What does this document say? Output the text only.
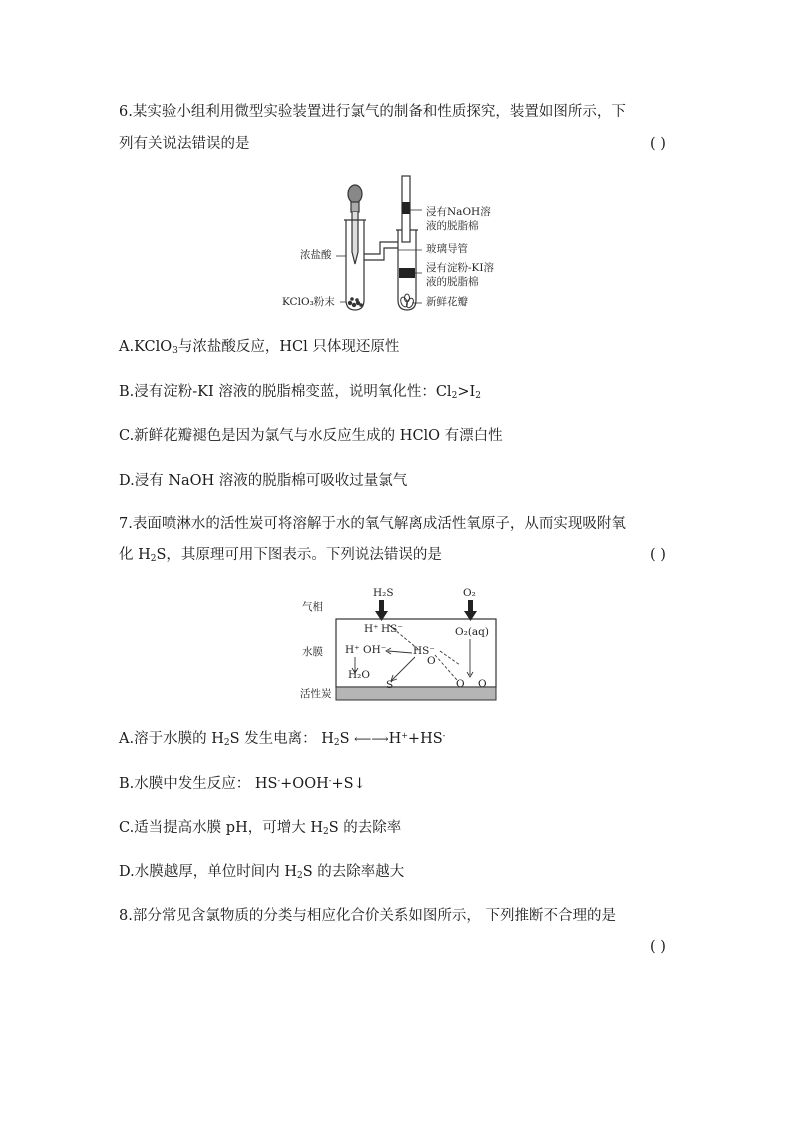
6.某实验小组利用微型实验装置进行氯气的制备和性质探究，装置如图所示，下
列有关说法错误的是	( )
浸有NaOH溶
液的脱脂棉
浓盐酸	玻璃导管
浸有淀粉-KI溶
液的脱脂棉
KClO₃粉末	新鲜花瓣
A.KClO$_3$与浓盐酸反应，HCl 只体现还原性
B.浸有淀粉-KI 溶液的脱脂棉变蓝，说明氧化性：$Cl_2>I_2$
C.新鲜花瓣褪色是因为氯气与水反应生成的 HClO 有漂白性
D.浸有 NaOH 溶液的脱脂棉可吸收过量氯气
7.表面喷淋水的活性炭可将溶解于水的氧气解离成活性氧原子，从而实现吸附氧
化 $H_2S$，其原理可用下图表示。下列说法错误的是	( )
气相
水膜
活性炭
H₂S	O₂
O₂(aq)
H⁺ HS⁻
H⁺ OH⁻	HS⁻
O
H₂O
S	O O
A.溶于水膜的 $H_2S$ 发生电离： $H_2S$ ⟵⟶H++HS-
B.水膜中发生反应： HS-+OOH-+S↓
C.适当提高水膜 pH，可增大 $H_2S$ 的去除率
D.水膜越厚，单位时间内 $H_2S$ 的去除率越大
8.部分常见含氯物质的分类与相应化合价关系如图所示， 下列推断不合理的是
( )
